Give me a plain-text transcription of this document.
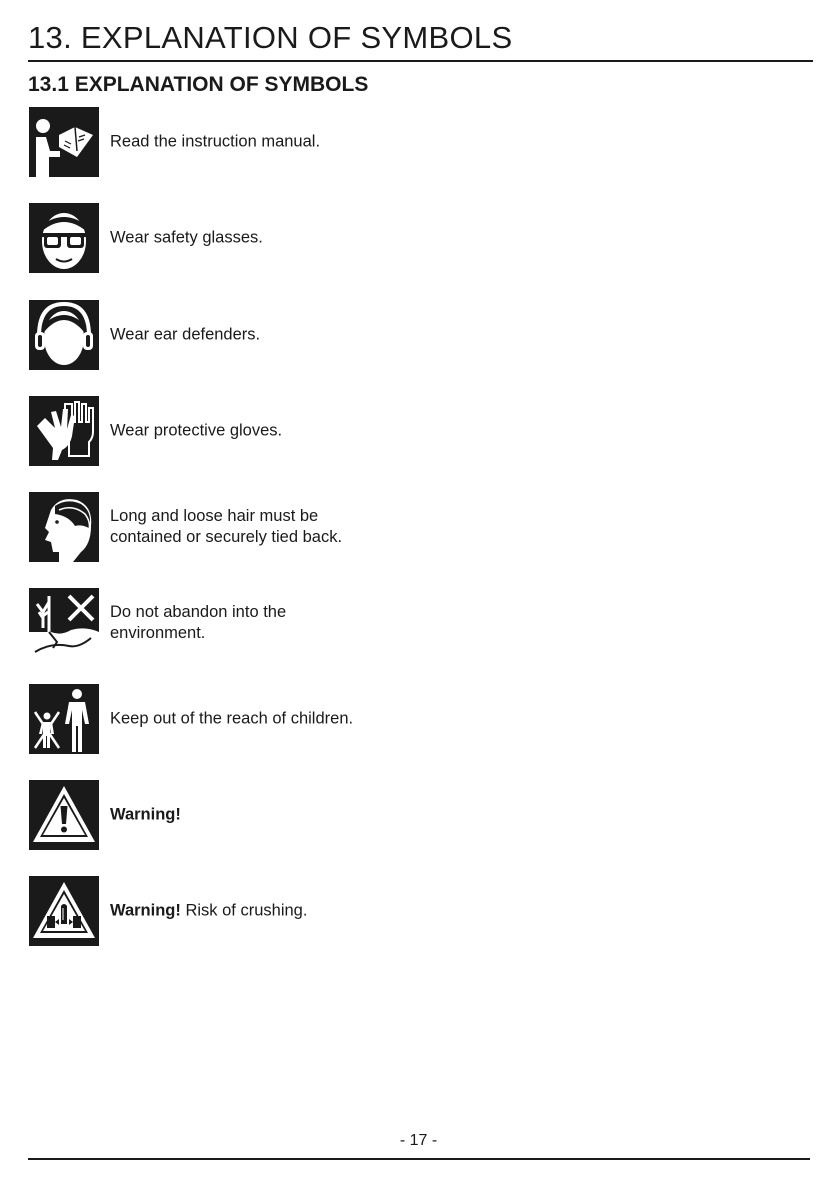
13. EXPLANATION OF SYMBOLS
13.1 EXPLANATION OF SYMBOLS
Read the instruction manual.
Wear safety glasses.
Wear ear defenders.
Wear protective gloves.
Long and loose hair must be
contained or securely tied back.
Do not abandon into the
environment.
Keep out of the reach of children.
Warning!
Warning! Risk of crushing.
- 17 -
